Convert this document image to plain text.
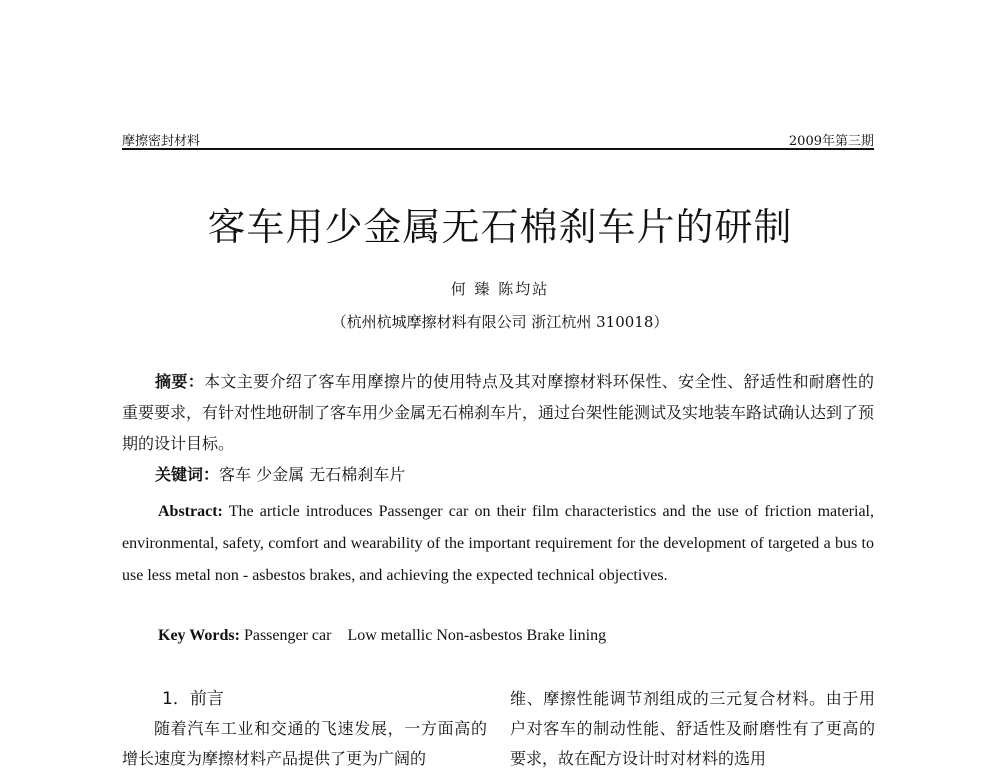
摩擦密封材料	2009年第三期
客车用少金属无石棉刹车片的研制
何 臻 陈均站
（杭州杭城摩擦材料有限公司 浙江杭州 310018）
摘要：本文主要介绍了客车用摩擦片的使用特点及其对摩擦材料环保性、安全性、舒适性和耐磨性的重要要求，有针对性地研制了客车用少金属无石棉刹车片，通过台架性能测试及实地装车路试确认达到了预期的设计目标。
关键词：客车 少金属 无石棉刹车片
Abstract: The article introduces Passenger car on their film characteristics and the use of friction material, environmental, safety, comfort and wearability of the important requirement for the development of targeted a bus to use less metal non - asbestos brakes, and achieving the expected technical objectives.
Key Words: Passenger car    Low metallic Non-asbestos Brake lining
1．前言

随着汽车工业和交通的飞速发展，一方面高的增长速度为摩擦材料产品提供了更为广阔的

维、摩擦性能调节剂组成的三元复合材料。由于用户对客车的制动性能、舒适性及耐磨性有了更高的要求，故在配方设计时对材料的选用
